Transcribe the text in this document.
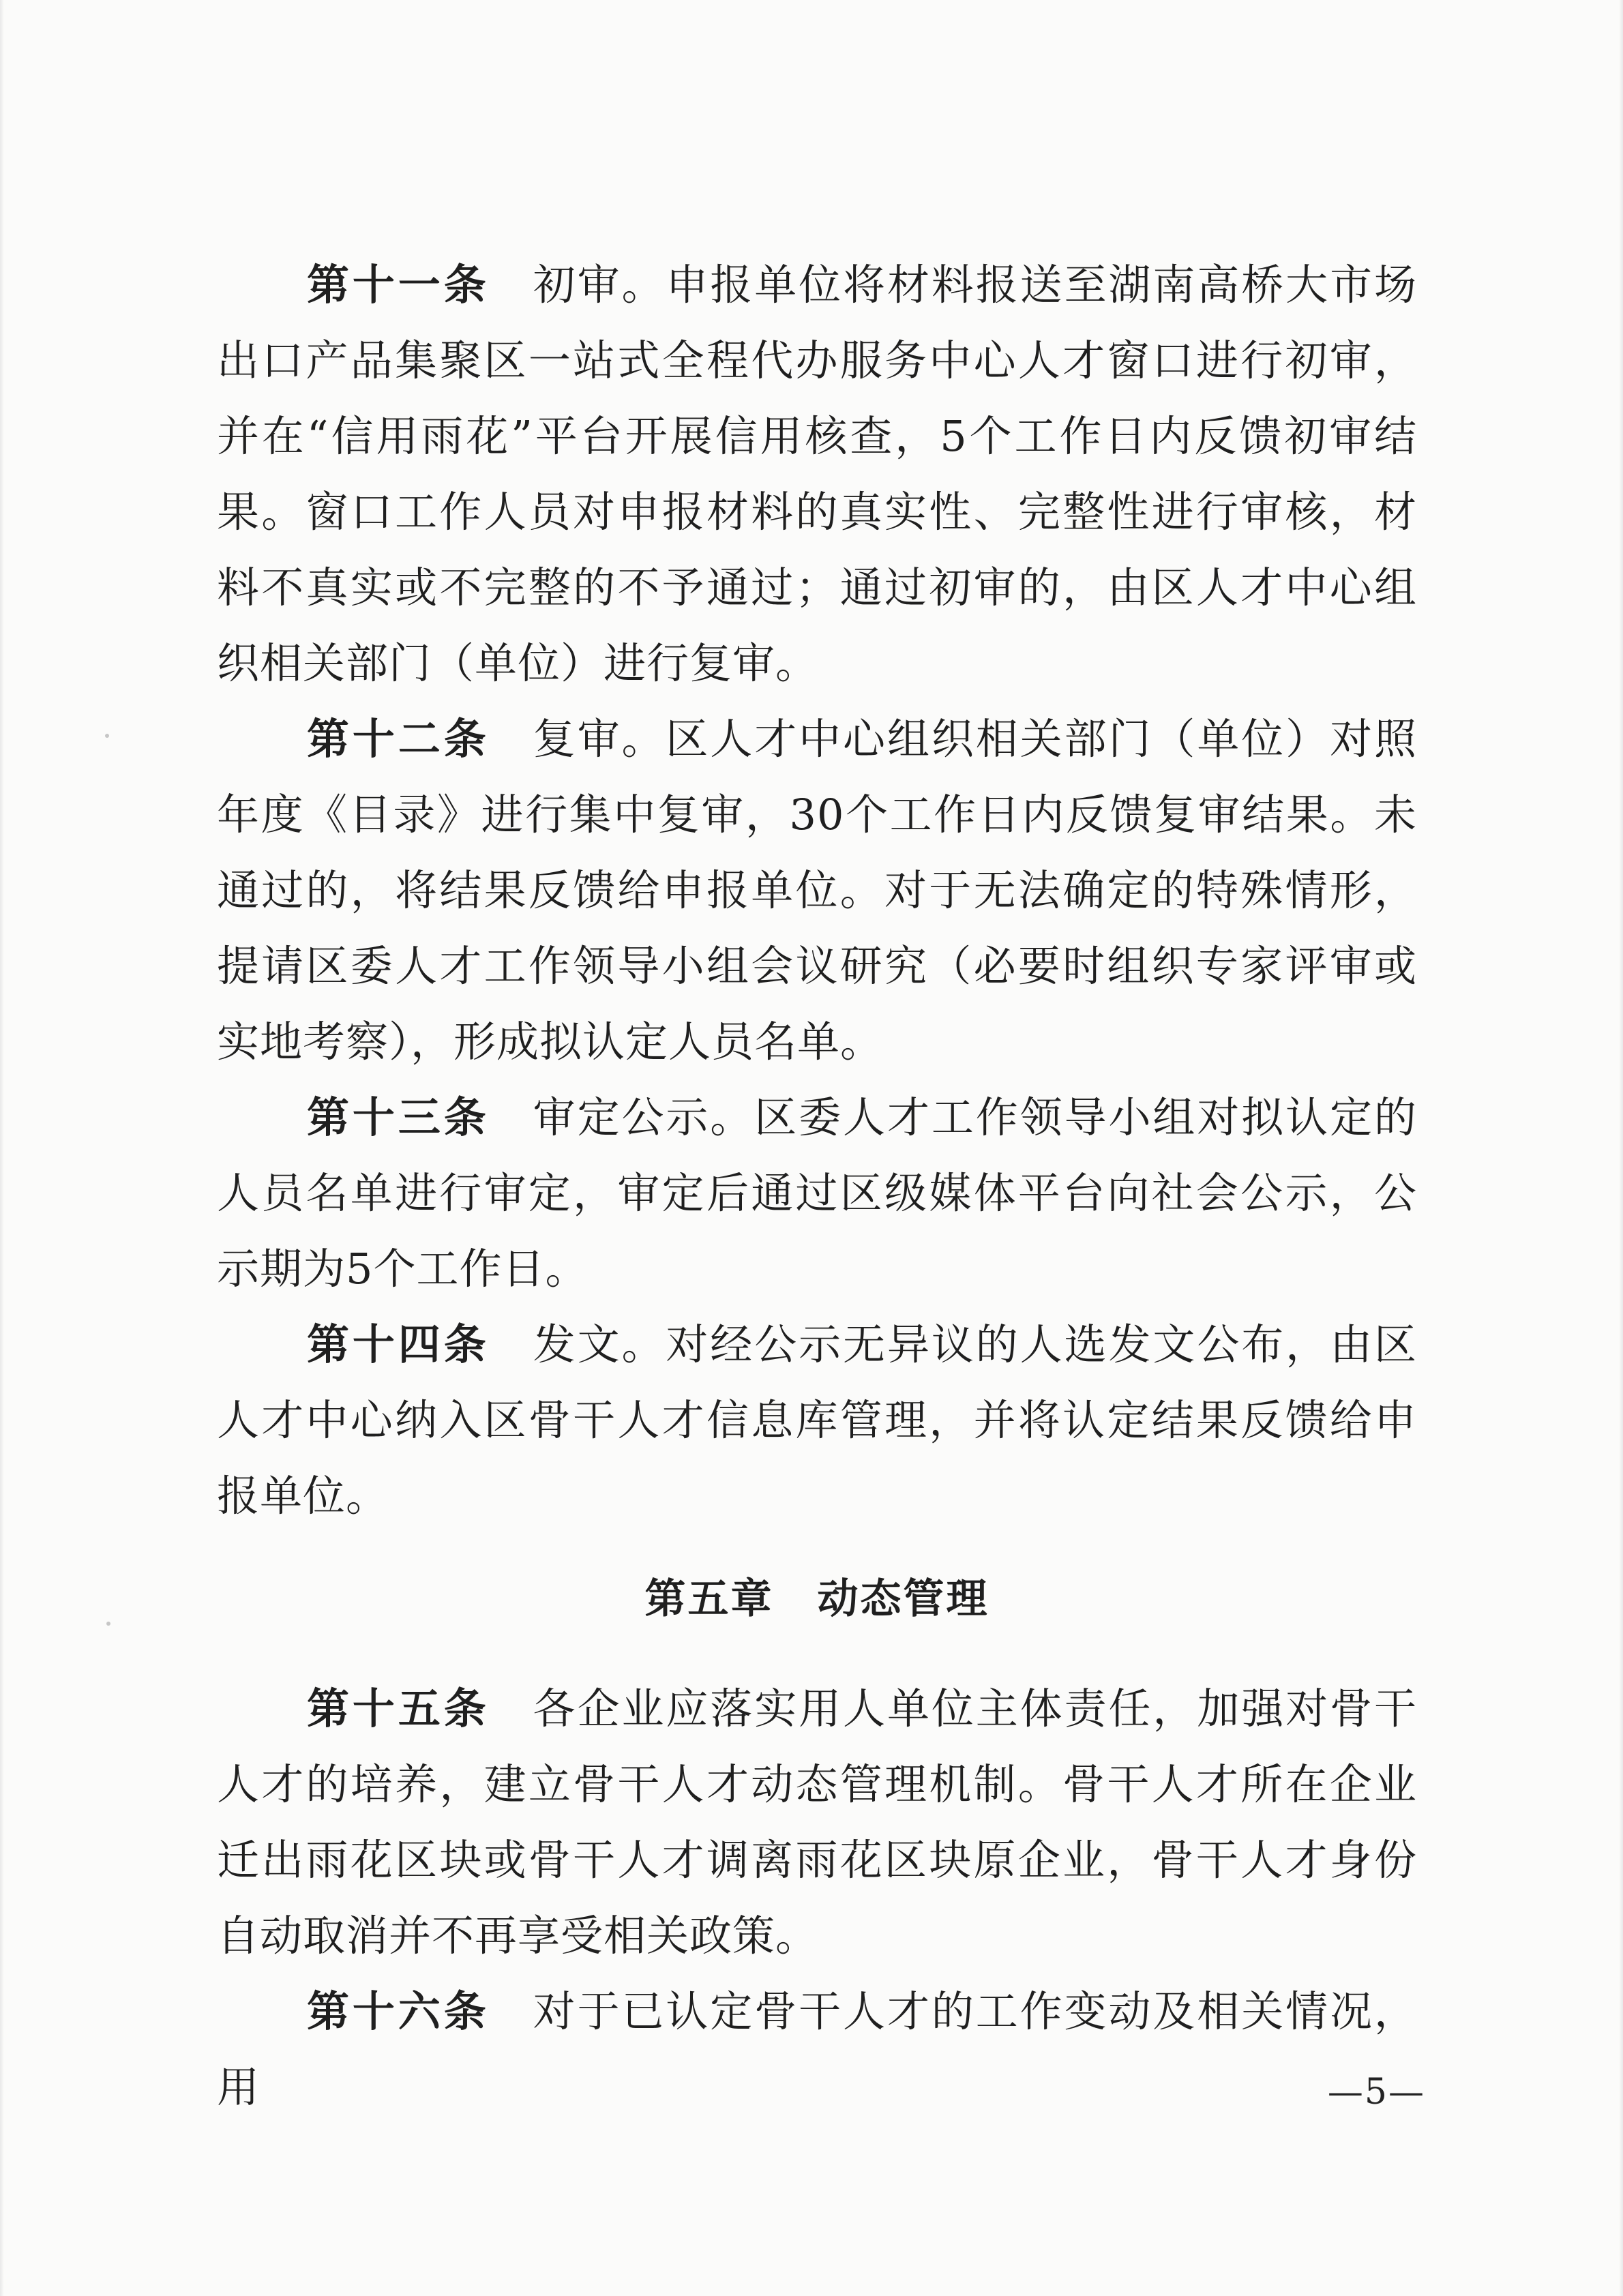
第十一条 初审。申报单位将材料报送至湖南高桥大市场出口产品集聚区一站式全程代办服务中心人才窗口进行初审，并在“信用雨花”平台开展信用核查，5个工作日内反馈初审结果。窗口工作人员对申报材料的真实性、完整性进行审核，材料不真实或不完整的不予通过；通过初审的，由区人才中心组织相关部门（单位）进行复审。

第十二条 复审。区人才中心组织相关部门（单位）对照年度《目录》进行集中复审，30个工作日内反馈复审结果。未通过的，将结果反馈给申报单位。对于无法确定的特殊情形，提请区委人才工作领导小组会议研究（必要时组织专家评审或实地考察），形成拟认定人员名单。

第十三条 审定公示。区委人才工作领导小组对拟认定的人员名单进行审定，审定后通过区级媒体平台向社会公示，公示期为5个工作日。

第十四条 发文。对经公示无异议的人选发文公布，由区人才中心纳入区骨干人才信息库管理，并将认定结果反馈给申报单位。

第五章 动态管理

第十五条 各企业应落实用人单位主体责任，加强对骨干人才的培养，建立骨干人才动态管理机制。骨干人才所在企业迁出雨花区块或骨干人才调离雨花区块原企业，骨干人才身份自动取消并不再享受相关政策。

第十六条 对于已认定骨干人才的工作变动及相关情况，用	—5—
